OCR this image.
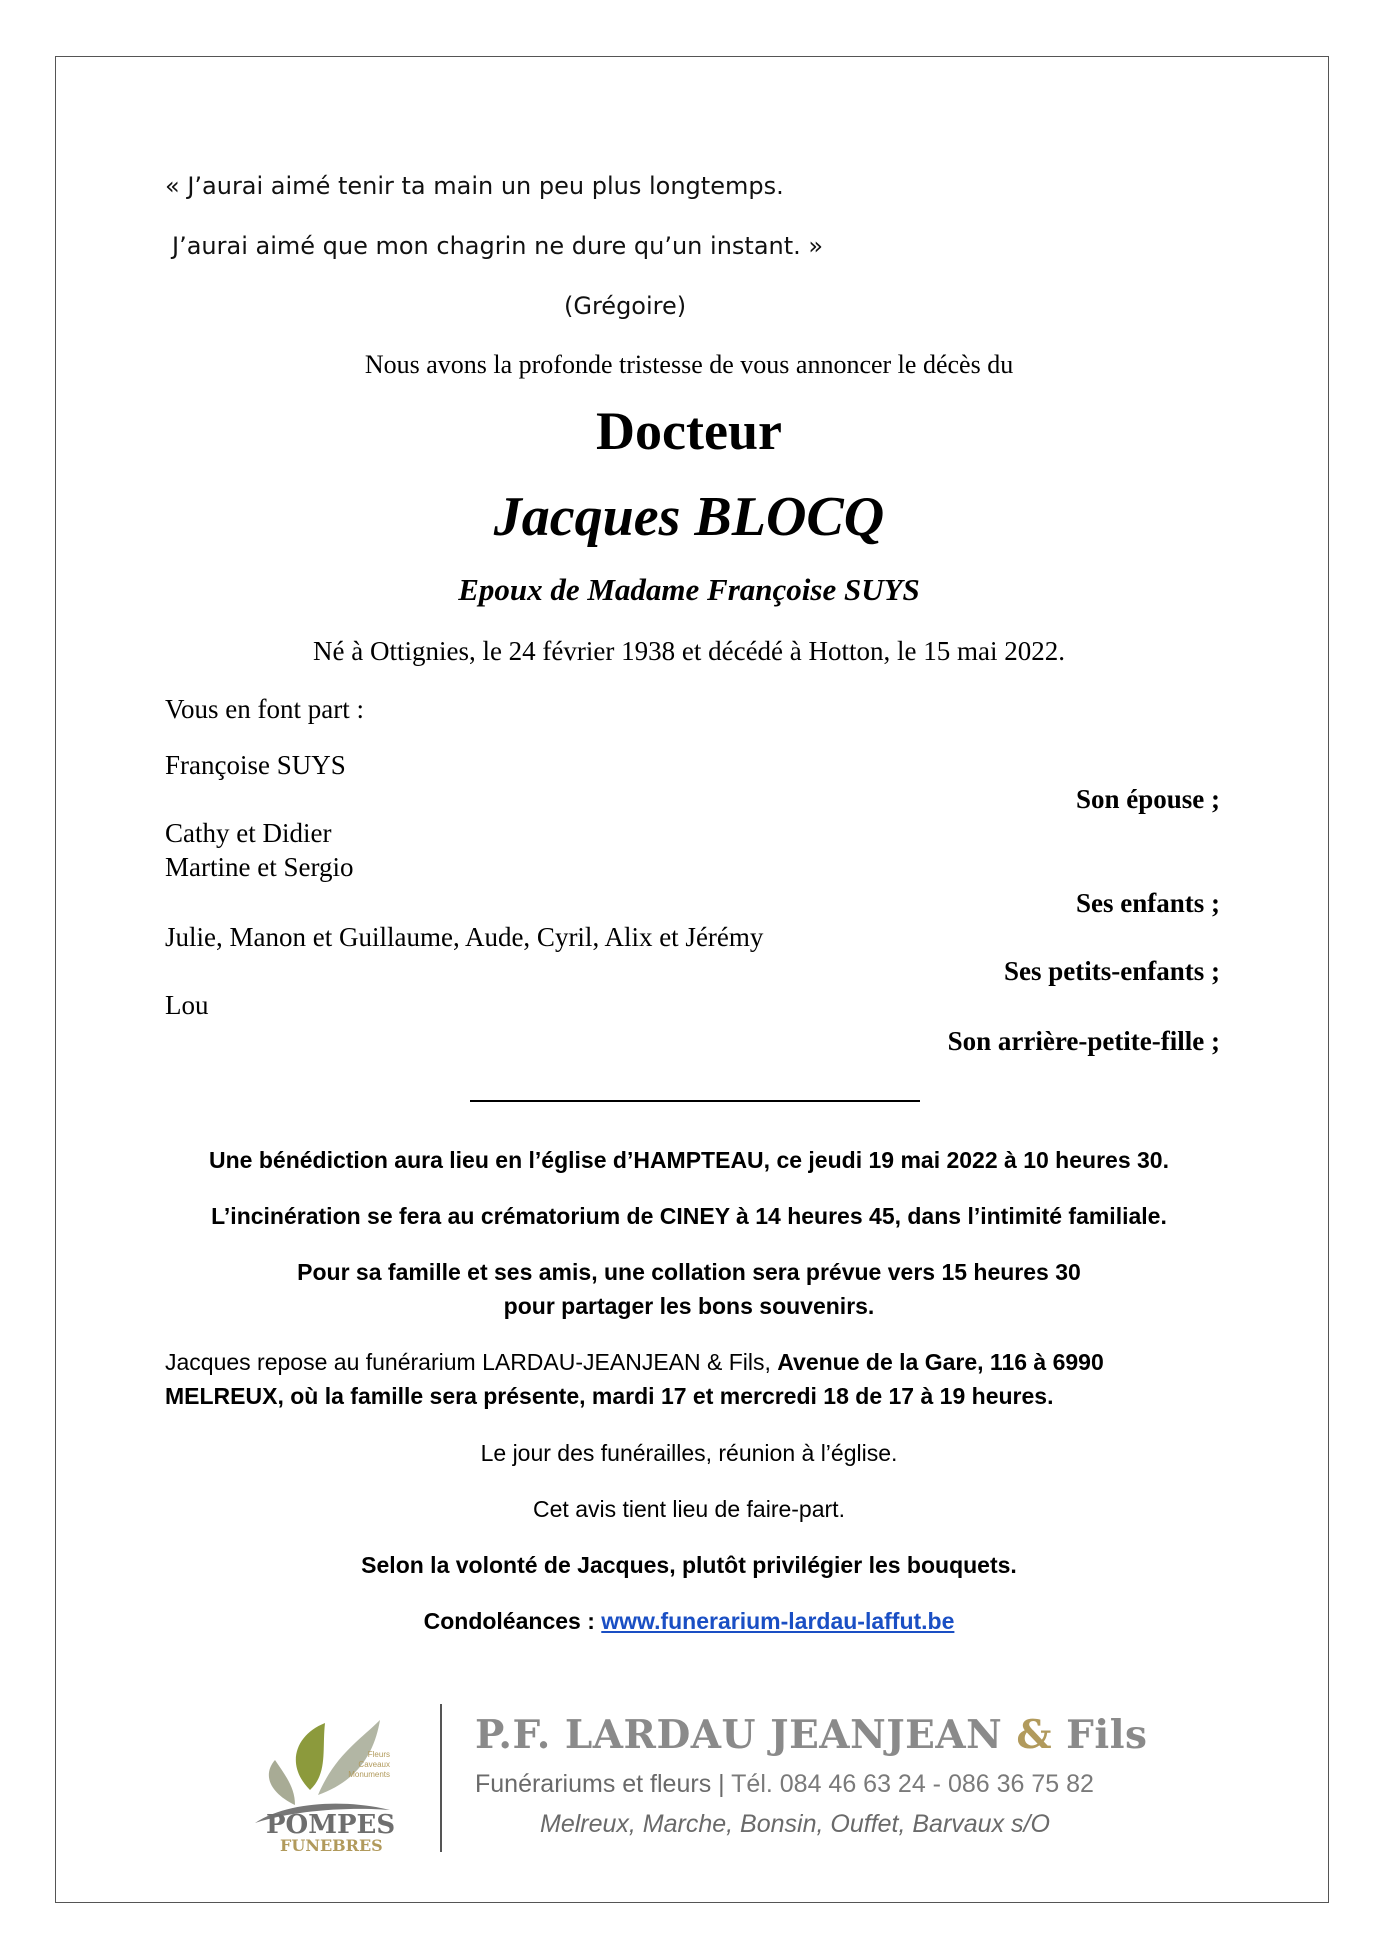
« J’aurai aimé tenir ta main un peu plus longtemps.
J’aurai aimé que mon chagrin ne dure qu’un instant. »
(Grégoire)
Nous avons la profonde tristesse de vous annoncer le décès du
Docteur
Jacques BLOCQ
Epoux de Madame Françoise SUYS
Né à Ottignies, le 24 février 1938 et décédé à Hotton, le 15 mai 2022.
Vous en font part :
Françoise SUYS
Son épouse ;
Cathy et Didier
Martine et Sergio
Ses enfants ;
Julie, Manon et Guillaume, Aude, Cyril, Alix et Jérémy
Ses petits-enfants ;
Lou
Son arrière-petite-fille ;
Une bénédiction aura lieu en l’église d’HAMPTEAU, ce jeudi 19 mai 2022 à 10 heures 30.
L’incinération se fera au crématorium de CINEY à 14 heures 45, dans l’intimité familiale.
Pour sa famille et ses amis, une collation sera prévue vers 15 heures 30
pour partager les bons souvenirs.
Jacques repose au funérarium LARDAU-JEANJEAN & Fils, Avenue de la Gare, 116 à 6990
MELREUX, où la famille sera présente, mardi 17 et mercredi 18 de 17 à 19 heures.
Le jour des funérailles, réunion à l’église.
Cet avis tient lieu de faire-part.
Selon la volonté de Jacques, plutôt privilégier les bouquets.
Condoléances : www.funerarium-lardau-laffut.be
POMPES
FUNEBRES
Fleurs
Caveaux
Monuments
P.F. LARDAU JEANJEAN & Fils
Funérariums et fleurs | Tél. 084 46 63 24 - 086 36 75 82
Melreux, Marche, Bonsin, Ouffet, Barvaux s/O
